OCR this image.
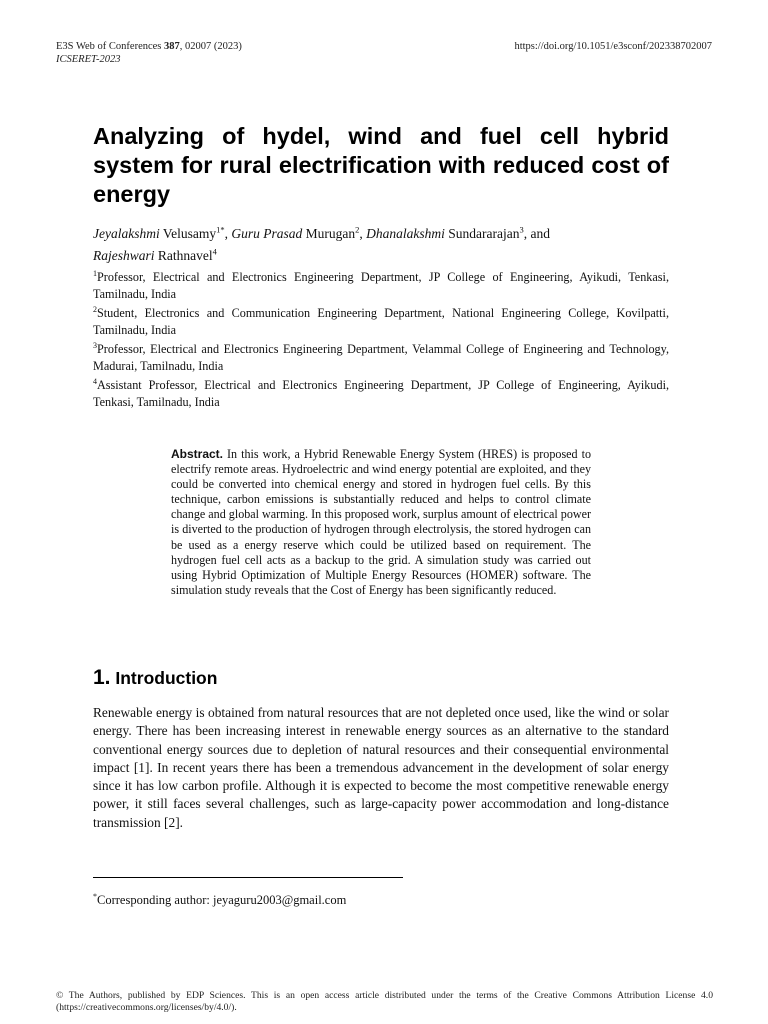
E3S Web of Conferences 387, 02007 (2023)
ICSERET-2023
https://doi.org/10.1051/e3sconf/202338702007
Analyzing of hydel, wind and fuel cell hybrid system for rural electrification with reduced cost of energy
Jeyalakshmi Velusamy$^{1*}$, Guru Prasad Murugan$^2$, Dhanalakshmi Sundararajan$^3$, and
Rajeshwari Rathnavel$^4$

$^1$Professor, Electrical and Electronics Engineering Department, JP College of Engineering, Ayikudi, Tenkasi, Tamilnadu, India

$^2$Student, Electronics and Communication Engineering Department, National Engineering College, Kovilpatti, Tamilnadu, India

$^3$Professor, Electrical and Electronics Engineering Department, Velammal College of Engineering and Technology, Madurai, Tamilnadu, India

$^4$Assistant Professor, Electrical and Electronics Engineering Department, JP College of Engineering, Ayikudi, Tenkasi, Tamilnadu, India

Abstract. In this work, a Hybrid Renewable Energy System (HRES) is proposed to electrify remote areas. Hydroelectric and wind energy potential are exploited, and they could be converted into chemical energy and stored in hydrogen fuel cells. By this technique, carbon emissions is substantially reduced and helps to control climate change and global warming. In this proposed work, surplus amount of electrical power is diverted to the production of hydrogen through electrolysis, the stored hydrogen can be used as a energy reserve which could be utilized based on requirement. The hydrogen fuel cell acts as a backup to the grid. A simulation study was carried out using Hybrid Optimization of Multiple Energy Resources (HOMER) software. The simulation study reveals that the Cost of Energy has been significantly reduced.
1. Introduction

Renewable energy is obtained from natural resources that are not depleted once used, like the wind or solar energy. There has been increasing interest in renewable energy sources as an alternative to the standard conventional energy sources due to depletion of natural resources and their consequential environmental impact [1]. In recent years there has been a tremendous advancement in the development of solar energy since it has low carbon profile. Although it is expected to become the most competitive renewable energy power, it still faces several challenges, such as large-capacity power accommodation and long-distance transmission [2].

*Corresponding author: jeyaguru2003@gmail.com
© The Authors, published by EDP Sciences. This is an open access article distributed under the terms of the Creative Commons Attribution License 4.0 (https://creativecommons.org/licenses/by/4.0/).
